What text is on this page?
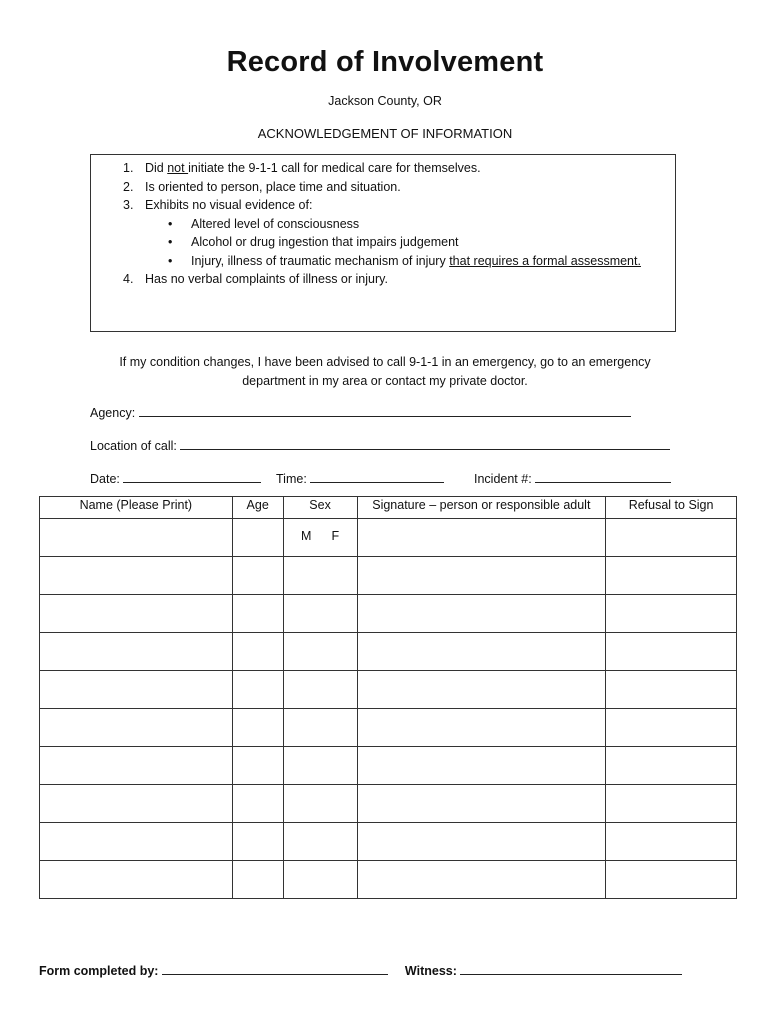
Record of Involvement
Jackson County, OR
ACKNOWLEDGEMENT OF INFORMATION
1. Did not initiate the 9-1-1 call for medical care for themselves.
2. Is oriented to person, place time and situation.
3. Exhibits no visual evidence of:
• Altered level of consciousness
• Alcohol or drug ingestion that impairs judgement
• Injury, illness of traumatic mechanism of injury that requires a formal assessment.
4. Has no verbal complaints of illness or injury.
If my condition changes, I have been advised to call 9-1-1 in an emergency, go to an emergency department in my area or contact my private doctor.
Agency:
Location of call:
Date:	Time:	Incident #:
Name (Please Print)	Age	Sex	Signature – person or responsible adult	Refusal to Sign
		M F		

Form completed by:	Witness:
